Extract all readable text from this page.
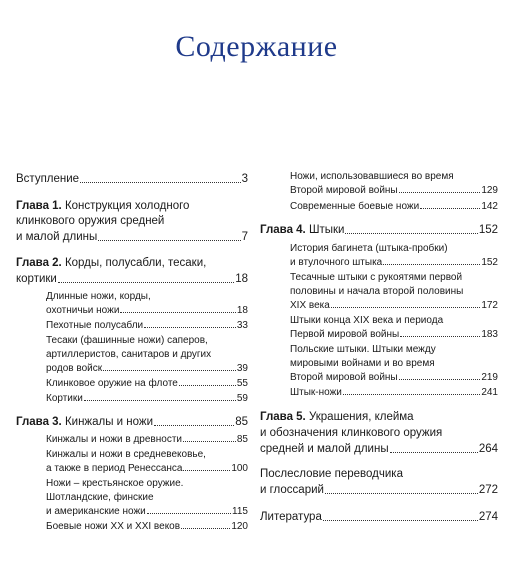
Содержание
Вступление	3
Глава 1. Конструкция холодного
клинкового оружия средней
и малой длины	7
Глава 2. Корды, полусабли, тесаки,
кортики	18
Длинные ножи, корды,
охотничьи ножи	18
Пехотные полусабли	33
Тесаки (фашинные ножи) саперов,
артиллеристов, санитаров и других
родов войск	39
Клинковое оружие на флоте	55
Кортики	59
Глава 3. Кинжалы и ножи	85
Кинжалы и ножи в древности	85
Кинжалы и ножи в средневековье,
а также в период Ренессанса	100
Ножи – крестьянское оружие.
Шотландские, финские
и американские ножи	115
Боевые ножи XX и XXI веков	120
Ножи, использовавшиеся во время
Второй мировой войны	129
Современные боевые ножи	142
Глава 4. Штыки	152
История багинета (штыка-пробки)
и втулочного штыка	152
Тесачные штыки с рукоятями первой
половины и начала второй половины
XIX века	172
Штыки конца XIX века и периода
Первой мировой войны	183
Польские штыки. Штыки между
мировыми войнами и во время
Второй мировой войны	219
Штык-ножи	241
Глава 5. Украшения, клейма
и обозначения клинкового оружия
средней и малой длины	264
Послесловие переводчика
и глоссарий	272
Литература	274
